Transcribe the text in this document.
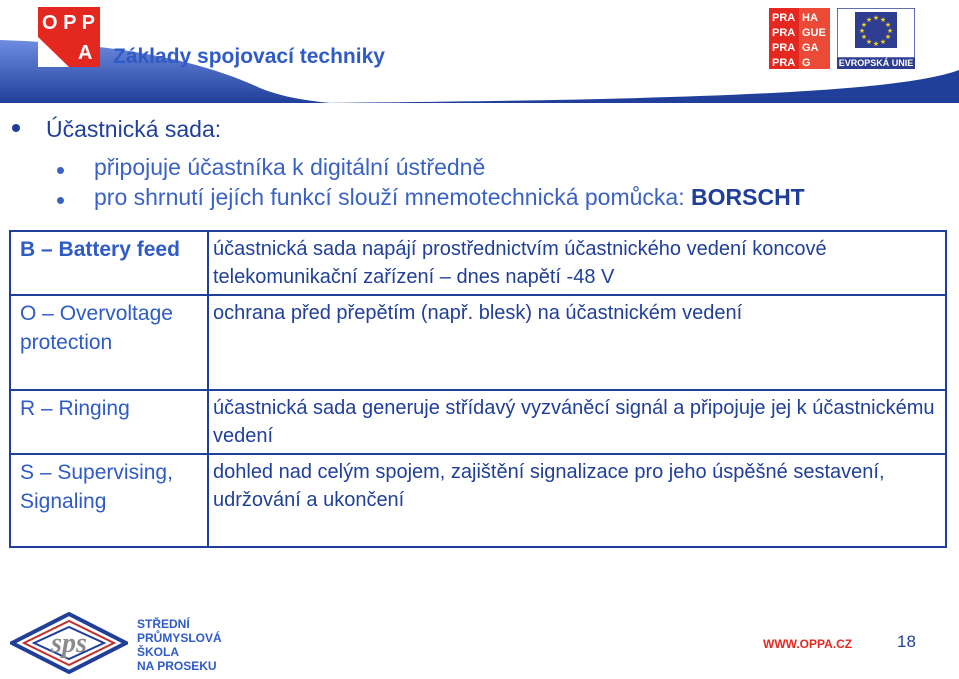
O P P
A Základy spojovací techniky
PRA HA
PRA GUE
PRA GA
PRA G
★ ★
★
★
★
★
★
★
★
★
★
★
EVROPSKÁ UNIE
Účastnická sada:
připojuje účastníka k digitální ústředně
pro shrnutí jejích funkcí slouží mnemotechnická pomůcka: BORSCHT
B – Battery feed	účastnická sada napájí prostřednictvím účastnického vedení koncové telekomunikační zařízení – dnes napětí -48 V
O – Overvoltage protection	ochrana před přepětím (např. blesk) na účastnickém vedení
R – Ringing	účastnická sada generuje střídavý vyzváněcí signál a připojuje jej k účastnickému vedení
S – Supervising, Signaling	dohled nad celým spojem, zajištění signalizace pro jeho úspěšné sestavení, udržování a ukončení
sps
STŘEDNÍ
PRŮMYSLOVÁ
ŠKOLA
NA PROSEKU
WWW.OPPA.CZ	18
